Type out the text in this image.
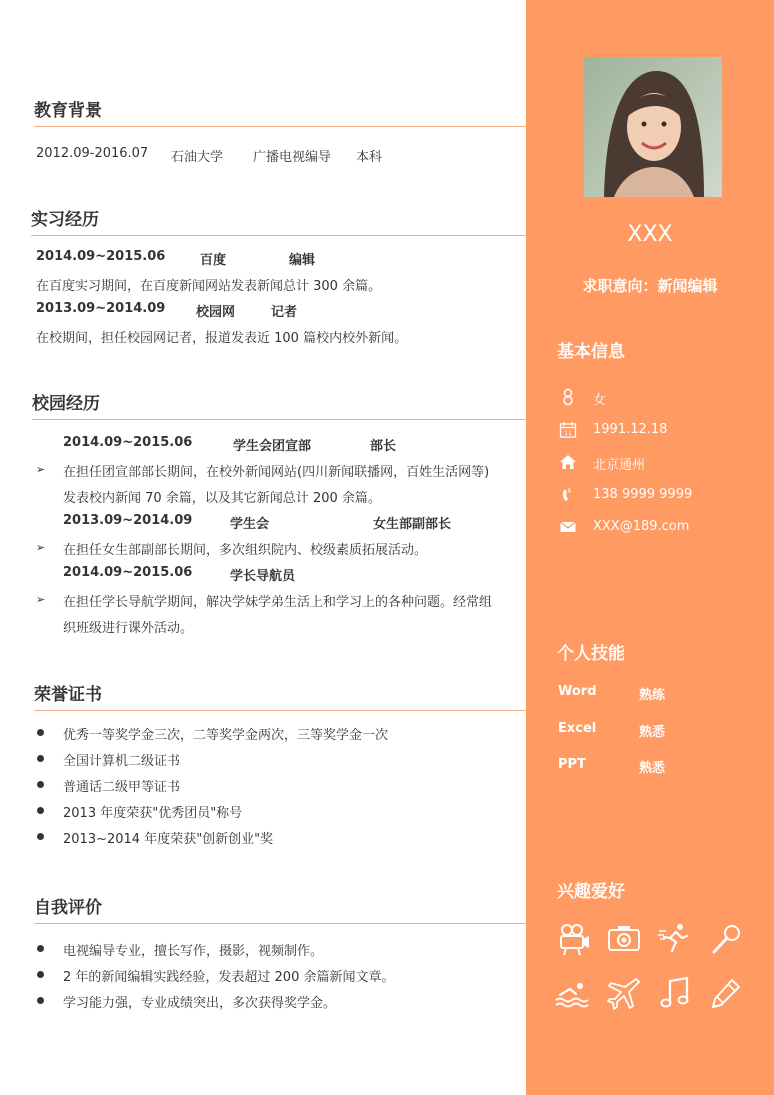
教育背景
2012.09-2016.07 石油大学 广播电视编导 本科
实习经历
2014.09~2015.06	百度	编辑
在百度实习期间，在百度新闻网站发表新闻总计 300 余篇。
2013.09~2014.09 校园网	记者
在校期间，担任校园网记者，报道发表近 100 篇校内校外新闻。
校园经历
2014.09~2015.06	学生会团宣部	部长
➢ 在担任团宣部部长期间，在校外新闻网站(四川新闻联播网，百姓生活网等)
发表校内新闻 70 余篇，以及其它新闻总计 200 余篇。
2013.09~2014.09	学生会	女生部副部长
➢ 在担任女生部副部长期间，多次组织院内、校级素质拓展活动。
2014.09~2015.06	学长导航员
➢ 在担任学长导航学期间，解决学妹学弟生活上和学习上的各种问题。经常组
织班级进行课外活动。
荣誉证书
优秀一等奖学金三次，二等奖学金两次，三等奖学金一次
全国计算机二级证书
普通话二级甲等证书
2013 年度荣获"优秀团员"称号
2013~2014 年度荣获"创新创业"奖
自我评价
电视编导专业，擅长写作，摄影，视频制作。
2 年的新闻编辑实践经验，发表超过 200 余篇新闻文章。
学习能力强，专业成绩突出，多次获得奖学金。
XXX
求职意向：新闻编辑
基本信息
女
11 1991.12.18
北京通州
138 9999 9999
XXX@189.com
个人技能
Word	熟练
Excel	熟悉
PPT	熟悉
兴趣爱好
